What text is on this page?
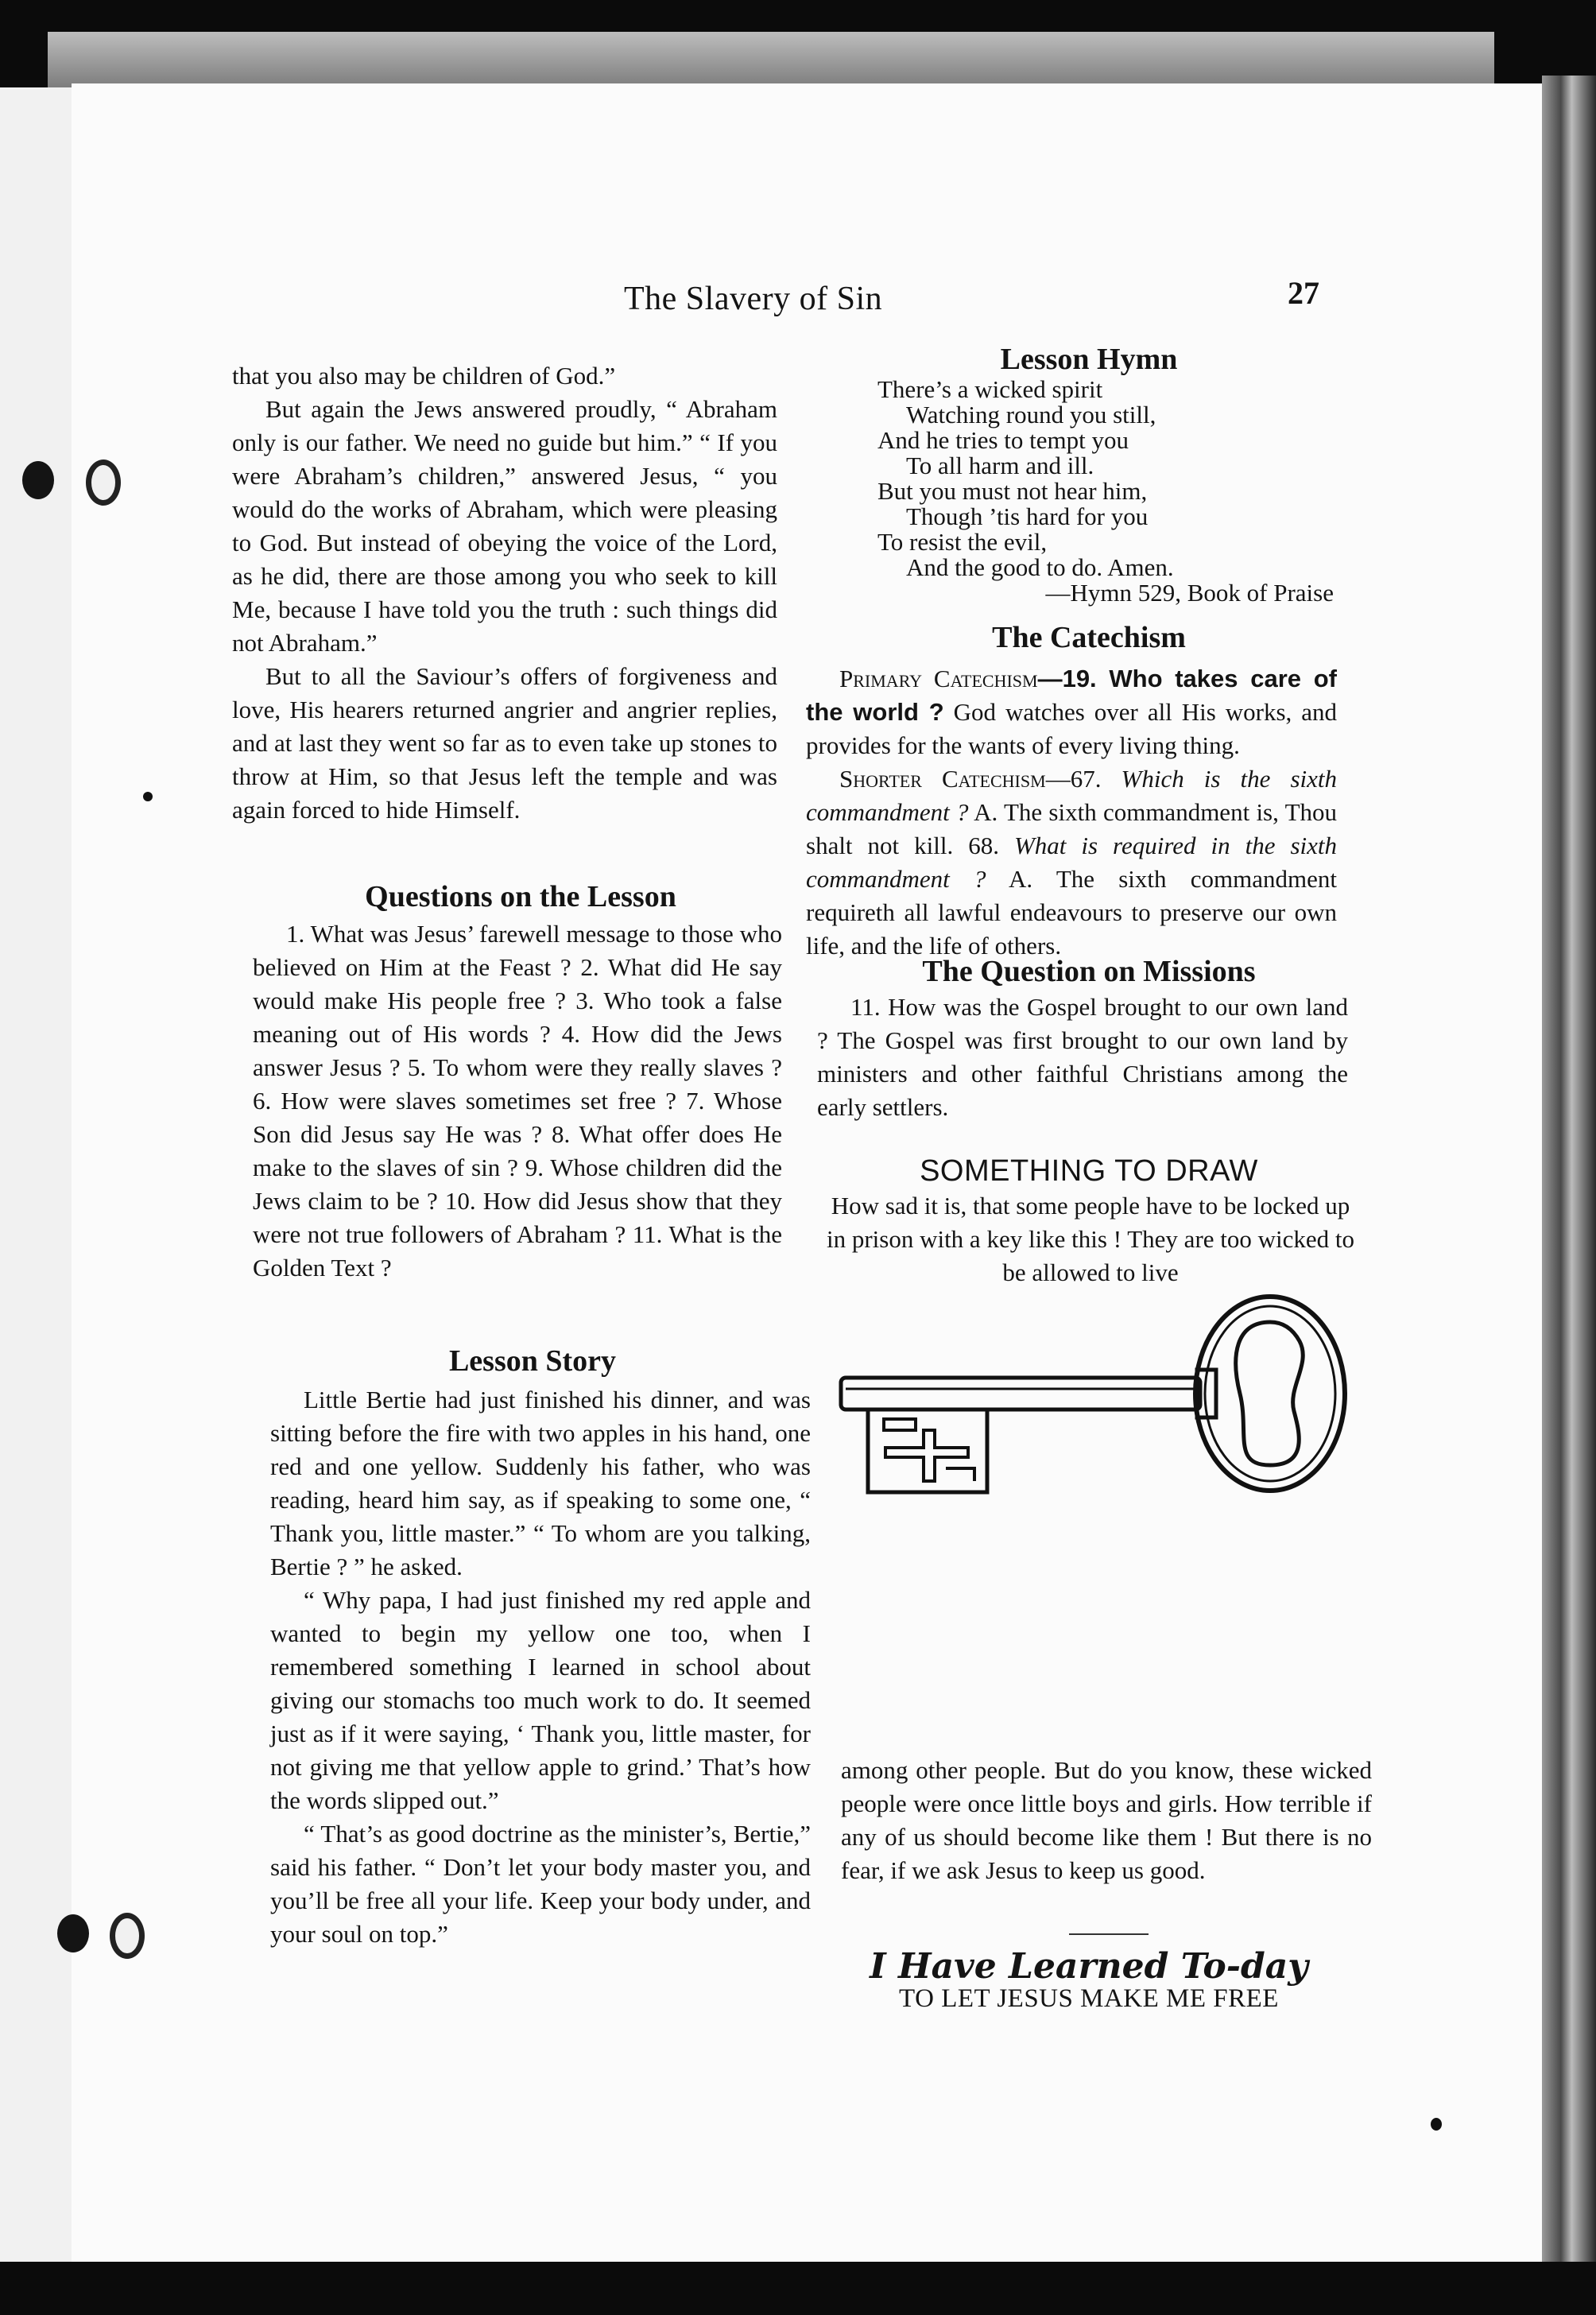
The Slavery of Sin	27

that you also may be children of God.”

But again the Jews answered proudly, “ Abraham only is our father. We need no guide but him.” “ If you were Abraham’s children,” answered Jesus, “ you would do the works of Abraham, which were pleasing to God. But instead of obeying the voice of the Lord, as he did, there are those among you who seek to kill Me, because I have told you the truth : such things did not Abraham.”

But to all the Saviour’s offers of forgiveness and love, His hearers returned angrier and angrier replies, and at last they went so far as to even take up stones to throw at Him, so that Jesus left the temple and was again forced to hide Himself.

Questions on the Lesson

1. What was Jesus’ farewell message to those who believed on Him at the Feast ? 2. What did He say would make His people free ? 3. Who took a false meaning out of His words ? 4. How did the Jews answer Jesus ? 5. To whom were they really slaves ? 6. How were slaves sometimes set free ? 7. Whose Son did Jesus say He was ? 8. What offer does He make to the slaves of sin ? 9. Whose children did the Jews claim to be ? 10. How did Jesus show that they were not true followers of Abraham ? 11. What is the Golden Text ?

Lesson Story

Little Bertie had just finished his dinner, and was sitting before the fire with two apples in his hand, one red and one yellow. Suddenly his father, who was reading, heard him say, as if speaking to some one, “ Thank you, little master.” “ To whom are you talking, Bertie ? ” he asked.

“ Why papa, I had just finished my red apple and wanted to begin my yellow one too, when I remembered something I learned in school about giving our stomachs too much work to do. It seemed just as if it were saying, ‘ Thank you, little master, for not giving me that yellow apple to grind.’ That’s how the words slipped out.”

“ That’s as good doctrine as the minister’s, Bertie,” said his father. “ Don’t let your body master you, and you’ll be free all your life. Keep your body under, and your soul on top.”

Lesson Hymn
There’s a wicked spirit
Watching round you still,
And he tries to tempt you
To all harm and ill.
But you must not hear him,
Though ’tis hard for you
To resist the evil,
And the good to do. Amen.
—Hymn 529, Book of Praise
The Catechism

Primary Catechism—19. Who takes care of the world ? God watches over all His works, and provides for the wants of every living thing.

Shorter Catechism—67. Which is the sixth commandment ? A. The sixth commandment is, Thou shalt not kill. 68. What is required in the sixth commandment ? A. The sixth commandment requireth all lawful endeavours to preserve our own life, and the life of others.

The Question on Missions

11. How was the Gospel brought to our own land ? The Gospel was first brought to our own land by ministers and other faithful Christians among the early settlers.

SOMETHING TO DRAW
How sad it is, that some people have to be locked up in prison with a key like this ! They are too wicked to be allowed to live

among other people. But do you know, these wicked people were once little boys and girls. How terrible if any of us should become like them ! But there is no fear, if we ask Jesus to keep us good.

I Have Learned To-day
TO LET JESUS MAKE ME FREE
